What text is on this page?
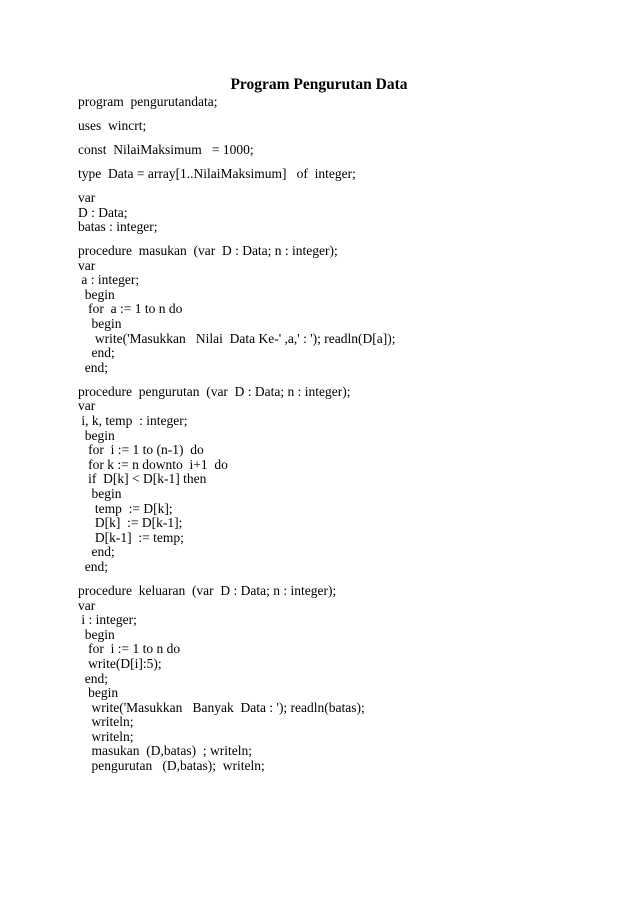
Program Pengurutan Data
program  pengurutandata;
uses  wincrt;
const  NilaiMaksimum   = 1000;
type  Data = array[1..NilaiMaksimum]   of  integer;
var
D : Data;
batas : integer;
procedure  masukan  (var  D : Data; n : integer);
var
a : integer;
begin
for  a := 1 to n do
begin
write('Masukkan   Nilai  Data Ke-' ,a,' : '); readln(D[a]);
end;
end;
procedure  pengurutan  (var  D : Data; n : integer);
var
i, k, temp  : integer;
begin
for  i := 1 to (n-1)  do
for k := n downto  i+1  do
if  D[k] < D[k-1] then
begin
temp  := D[k];
D[k]  := D[k-1];
D[k-1]  := temp;
end;
end;
procedure  keluaran  (var  D : Data; n : integer);
var
i : integer;
begin
for  i := 1 to n do
write(D[i]:5);
end;
begin
write('Masukkan   Banyak  Data : '); readln(batas);
writeln;
writeln;
masukan  (D,batas)  ; writeln;
pengurutan   (D,batas);  writeln;
